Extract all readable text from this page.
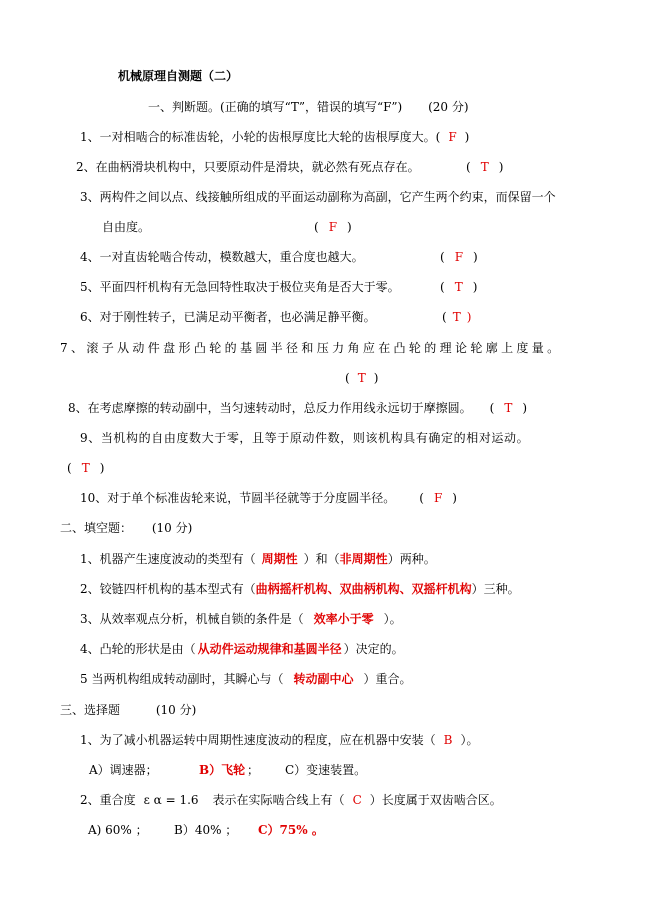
机械原理自测题（二）
一、判断题。(正确的填写“T”，错误的填写“F”) (20 分)
1、一对相啮合的标准齿轮，小轮的齿根厚度比大轮的齿根厚度大。( F )
2、在曲柄滑块机构中，只要原动件是滑块，就必然有死点存在。	( T )
3、两构件之间以点、线接触所组成的平面运动副称为高副，它产生两个约束，而保留一个
自由度。	( F )
4、一对直齿轮啮合传动，模数越大，重合度也越大。	( F )
5、平面四杆机构有无急回特性取决于极位夹角是否大于零。	( T )
6、对于刚性转子，已满足动平衡者，也必满足静平衡。	( T )
7、滚子从动件盘形凸轮的基圆半径和压力角应在凸轮的理论轮廓上度量。
( T )
8、在考虑摩擦的转动副中，当匀速转动时，总反力作用线永远切于摩擦圆。 ( T )
9、当机构的自由度数大于零，且等于原动件数，则该机构具有确定的相对运动。
( T )
10、对于单个标准齿轮来说，节圆半径就等于分度圆半径。 ( F )
二、填空题： (10 分)
1、机器产生速度波动的类型有（ 周期性 ）和（非周期性）两种。
2、铰链四杆机构的基本型式有（曲柄摇杆机构、双曲柄机构、双摇杆机构）三种。
3、从效率观点分析，机械自锁的条件是（ 效率小于零 ）。
4、凸轮的形状是由（ 从动件运动规律和基圆半径 ）决定的。
5 当两机构组成转动副时，其瞬心与（ 转动副中心 ）重合。
三、选择题	(10 分)
1、为了减小机器运转中周期性速度波动的程度，应在机器中安装（ B ）。
A）调速器；	B）飞轮 ； C）变速装置。
2、重合度 ε α = 1.6 表示在实际啮合线上有（ C ）长度属于双齿啮合区。
A) 60% ； B）40% ； C）75% 。
